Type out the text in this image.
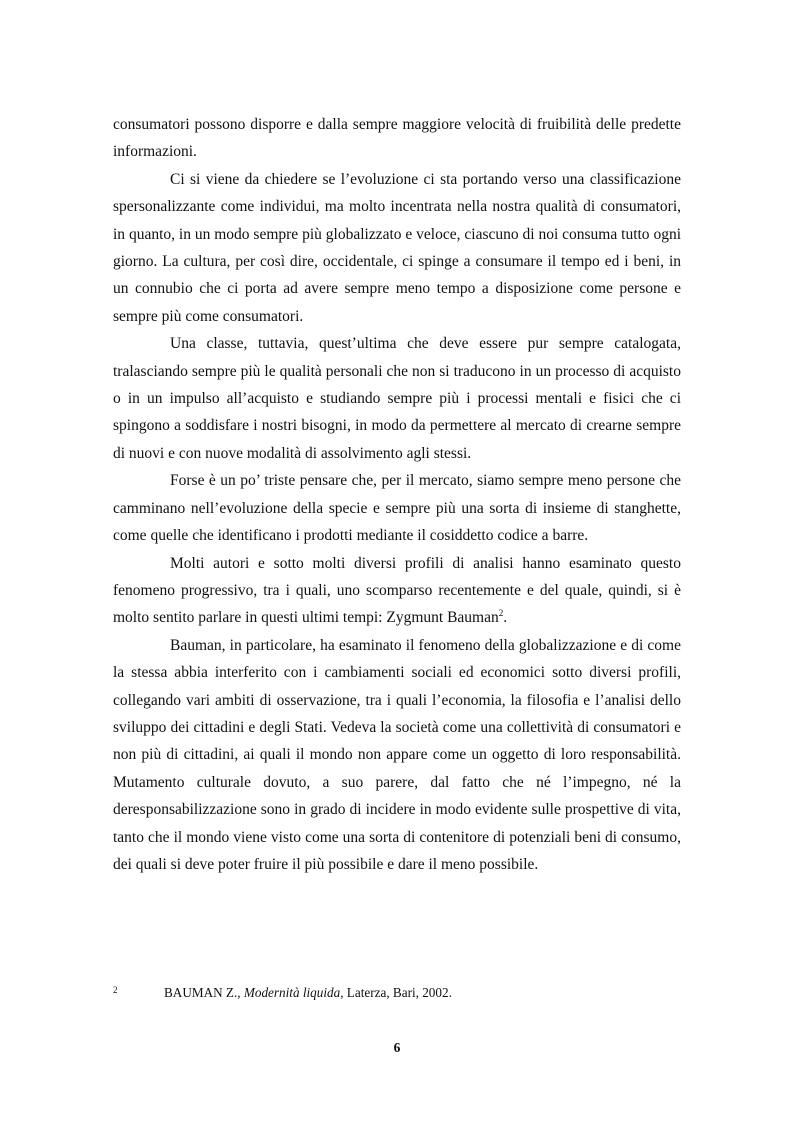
consumatori possono disporre e dalla sempre maggiore velocità di fruibilità delle predette informazioni.

Ci si viene da chiedere se l’evoluzione ci sta portando verso una classificazione spersonalizzante come individui, ma molto incentrata nella nostra qualità di consumatori, in quanto, in un modo sempre più globalizzato e veloce, ciascuno di noi consuma tutto ogni giorno. La cultura, per così dire, occidentale, ci spinge a consumare il tempo ed i beni, in un connubio che ci porta ad avere sempre meno tempo a disposizione come persone e sempre più come consumatori.

Una classe, tuttavia, quest’ultima che deve essere pur sempre catalogata, tralasciando sempre più le qualità personali che non si traducono in un processo di acquisto o in un impulso all’acquisto e studiando sempre più i processi mentali e fisici che ci spingono a soddisfare i nostri bisogni, in modo da permettere al mercato di crearne sempre di nuovi e con nuove modalità di assolvimento agli stessi.

Forse è un po’ triste pensare che, per il mercato, siamo sempre meno persone che camminano nell’evoluzione della specie e sempre più una sorta di insieme di stanghette, come quelle che identificano i prodotti mediante il cosiddetto codice a barre.

Molti autori e sotto molti diversi profili di analisi hanno esaminato questo fenomeno progressivo, tra i quali, uno scomparso recentemente e del quale, quindi, si è molto sentito parlare in questi ultimi tempi: Zygmunt Bauman$^2$.

Bauman, in particolare, ha esaminato il fenomeno della globalizzazione e di come la stessa abbia interferito con i cambiamenti sociali ed economici sotto diversi profili, collegando vari ambiti di osservazione, tra i quali l’economia, la filosofia e l’analisi dello sviluppo dei cittadini e degli Stati. Vedeva la società come una collettività di consumatori e non più di cittadini, ai quali il mondo non appare come un oggetto di loro responsabilità. Mutamento culturale dovuto, a suo parere, dal fatto che né l’impegno, né la deresponsabilizzazione sono in grado di incidere in modo evidente sulle prospettive di vita, tanto che il mondo viene visto come una sorta di contenitore di potenziali beni di consumo, dei quali si deve poter fruire il più possibile e dare il meno possibile.

2	BAUMAN Z., Modernità liquida, Laterza, Bari, 2002.
6
